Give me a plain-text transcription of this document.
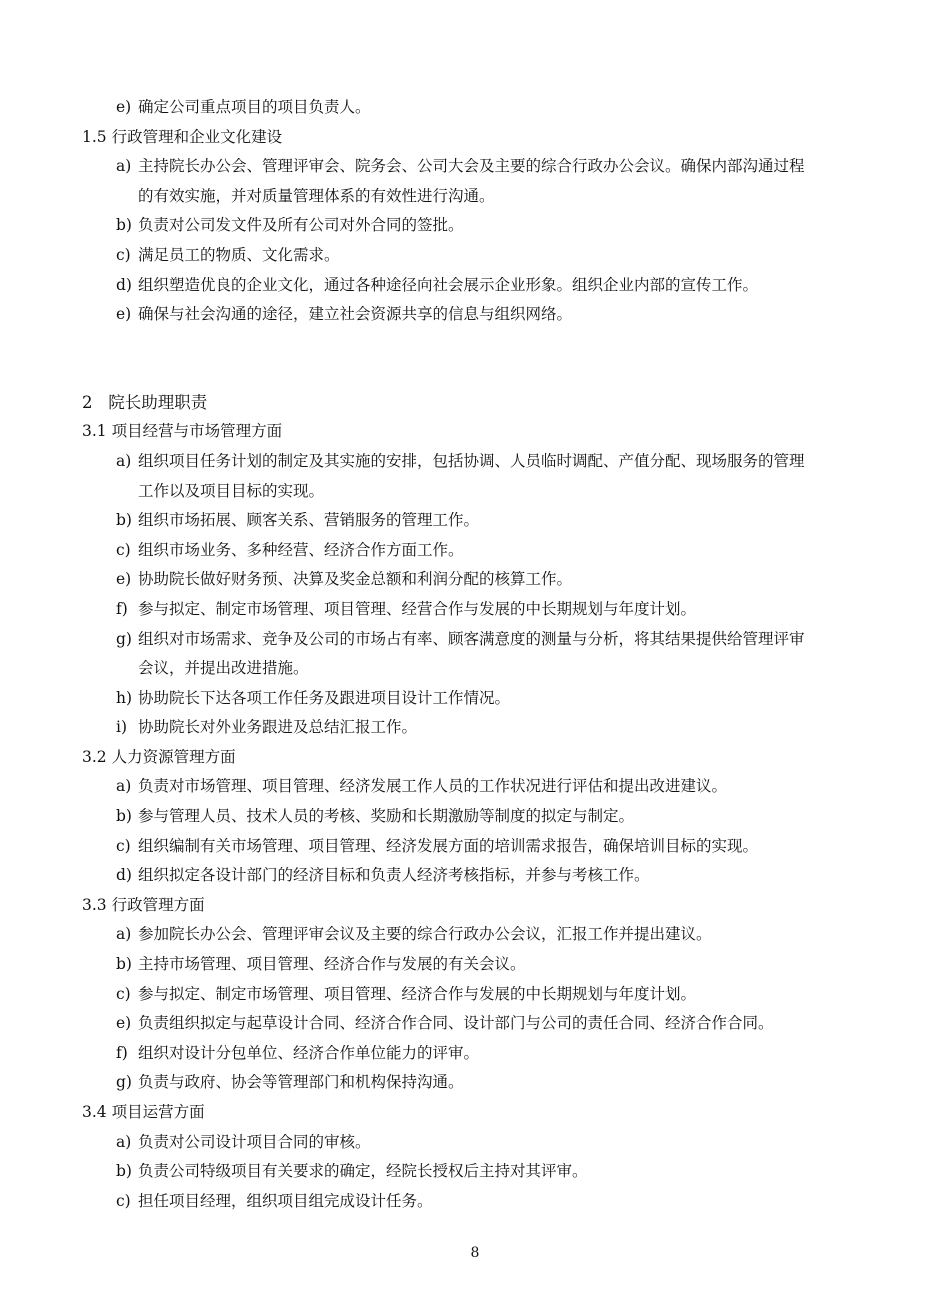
e) 确定公司重点项目的项目负责人。
1.5 行政管理和企业文化建设
a) 主持院长办公会、管理评审会、院务会、公司大会及主要的综合行政办公会议。确保内部沟通过程
的有效实施，并对质量管理体系的有效性进行沟通。
b) 负责对公司发文件及所有公司对外合同的签批。
c) 满足员工的物质、文化需求。
d) 组织塑造优良的企业文化，通过各种途径向社会展示企业形象。组织企业内部的宣传工作。
e) 确保与社会沟通的途径，建立社会资源共享的信息与组织网络。
2   院长助理职责
3.1 项目经营与市场管理方面
a) 组织项目任务计划的制定及其实施的安排，包括协调、人员临时调配、产值分配、现场服务的管理
工作以及项目目标的实现。
b) 组织市场拓展、顾客关系、营销服务的管理工作。
c) 组织市场业务、多种经营、经济合作方面工作。
e) 协助院长做好财务预、决算及奖金总额和利润分配的核算工作。
f) 参与拟定、制定市场管理、项目管理、经营合作与发展的中长期规划与年度计划。
g) 组织对市场需求、竞争及公司的市场占有率、顾客满意度的测量与分析，将其结果提供给管理评审
会议，并提出改进措施。
h) 协助院长下达各项工作任务及跟进项目设计工作情况。
i) 协助院长对外业务跟进及总结汇报工作。
3.2 人力资源管理方面
a) 负责对市场管理、项目管理、经济发展工作人员的工作状况进行评估和提出改进建议。
b) 参与管理人员、技术人员的考核、奖励和长期激励等制度的拟定与制定。
c) 组织编制有关市场管理、项目管理、经济发展方面的培训需求报告，确保培训目标的实现。
d) 组织拟定各设计部门的经济目标和负责人经济考核指标，并参与考核工作。
3.3 行政管理方面
a) 参加院长办公会、管理评审会议及主要的综合行政办公会议，汇报工作并提出建议。
b) 主持市场管理、项目管理、经济合作与发展的有关会议。
c) 参与拟定、制定市场管理、项目管理、经济合作与发展的中长期规划与年度计划。
e) 负责组织拟定与起草设计合同、经济合作合同、设计部门与公司的责任合同、经济合作合同。
f) 组织对设计分包单位、经济合作单位能力的评审。
g) 负责与政府、协会等管理部门和机构保持沟通。
3.4 项目运营方面
a) 负责对公司设计项目合同的审核。
b) 负责公司特级项目有关要求的确定，经院长授权后主持对其评审。
c) 担任项目经理，组织项目组完成设计任务。
8
